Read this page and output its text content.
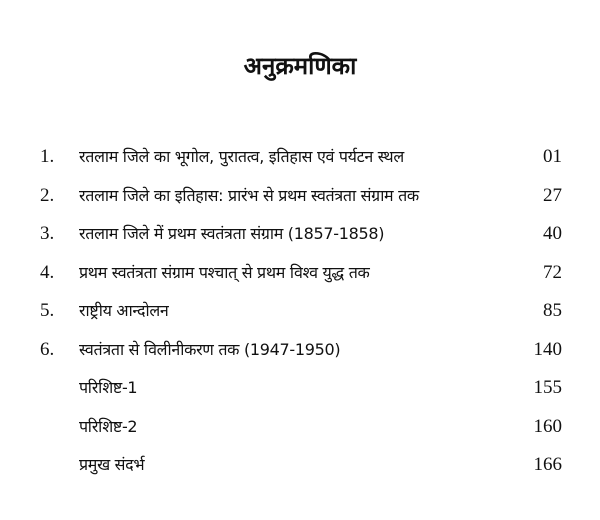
अनुक्रमणिका
1. रतलाम जिले का भूगोल, पुरातत्व, इतिहास एवं पर्यटन स्थल	01
2. रतलाम जिले का इतिहास: प्रारंभ से प्रथम स्वतंत्रता संग्राम तक	27
3. रतलाम जिले में प्रथम स्वतंत्रता संग्राम (1857-1858)	40
4. प्रथम स्वतंत्रता संग्राम पश्चात् से प्रथम विश्व युद्ध तक	72
5. राष्ट्रीय आन्दोलन	85
6. स्वतंत्रता से विलीनीकरण तक (1947-1950)	140
परिशिष्ट-1	155
परिशिष्ट-2	160
प्रमुख संदर्भ	166
